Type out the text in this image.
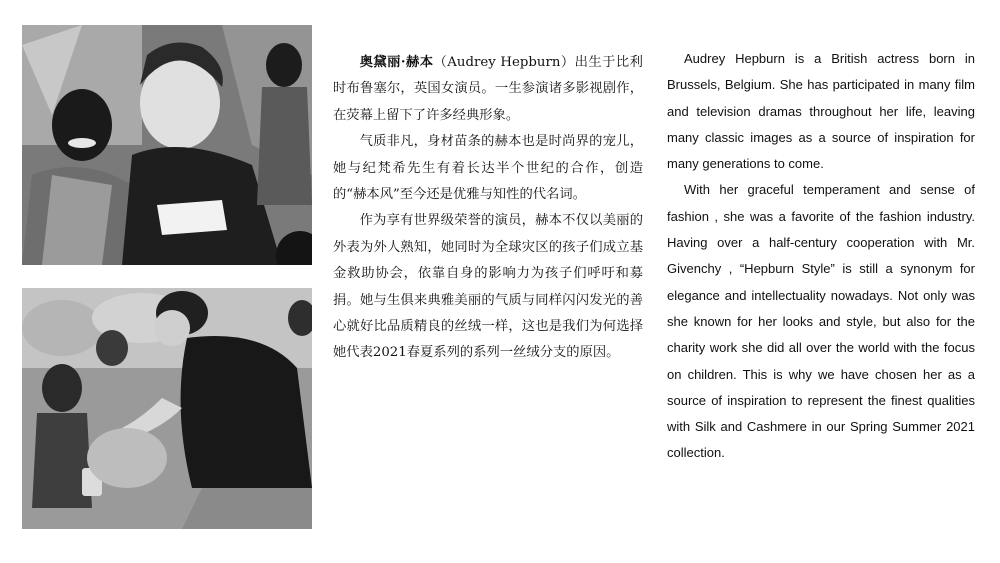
奥黛丽·赫本（Audrey Hepburn）出生于比利时布鲁塞尔，英国女演员。一生参演诸多影视剧作，在荧幕上留下了许多经典形象。

气质非凡，身材苗条的赫本也是时尚界的宠儿，她与纪梵希先生有着长达半个世纪的合作，创造的“赫本风”至今还是优雅与知性的代名词。

作为享有世界级荣誉的演员，赫本不仅以美丽的外表为外人熟知，她同时为全球灾区的孩子们成立基金救助协会，依靠自身的影响力为孩子们呼吁和募捐。她与生俱来典雅美丽的气质与同样闪闪发光的善心就好比品质精良的丝绒一样，这也是我们为何选择她代表2021春夏系列的系列一丝绒分支的原因。

Audrey Hepburn is a British actress born in Brussels, Belgium. She has participated in many film and television dramas throughout her life, leaving many classic images as a source of inspiration for many generations to come.

With her graceful temperament and sense of fashion , she was a favorite of the fashion industry. Having over a half-century cooperation with Mr. Givenchy , “Hepburn Style” is still a synonym for elegance and intellectuality nowadays. Not only was she known for her looks and style, but also for the charity work she did all over the world with the focus on children. This is why we have chosen her as a source of inspiration to represent the finest qualities with Silk and Cashmere in our Spring Summer 2021 collection.
